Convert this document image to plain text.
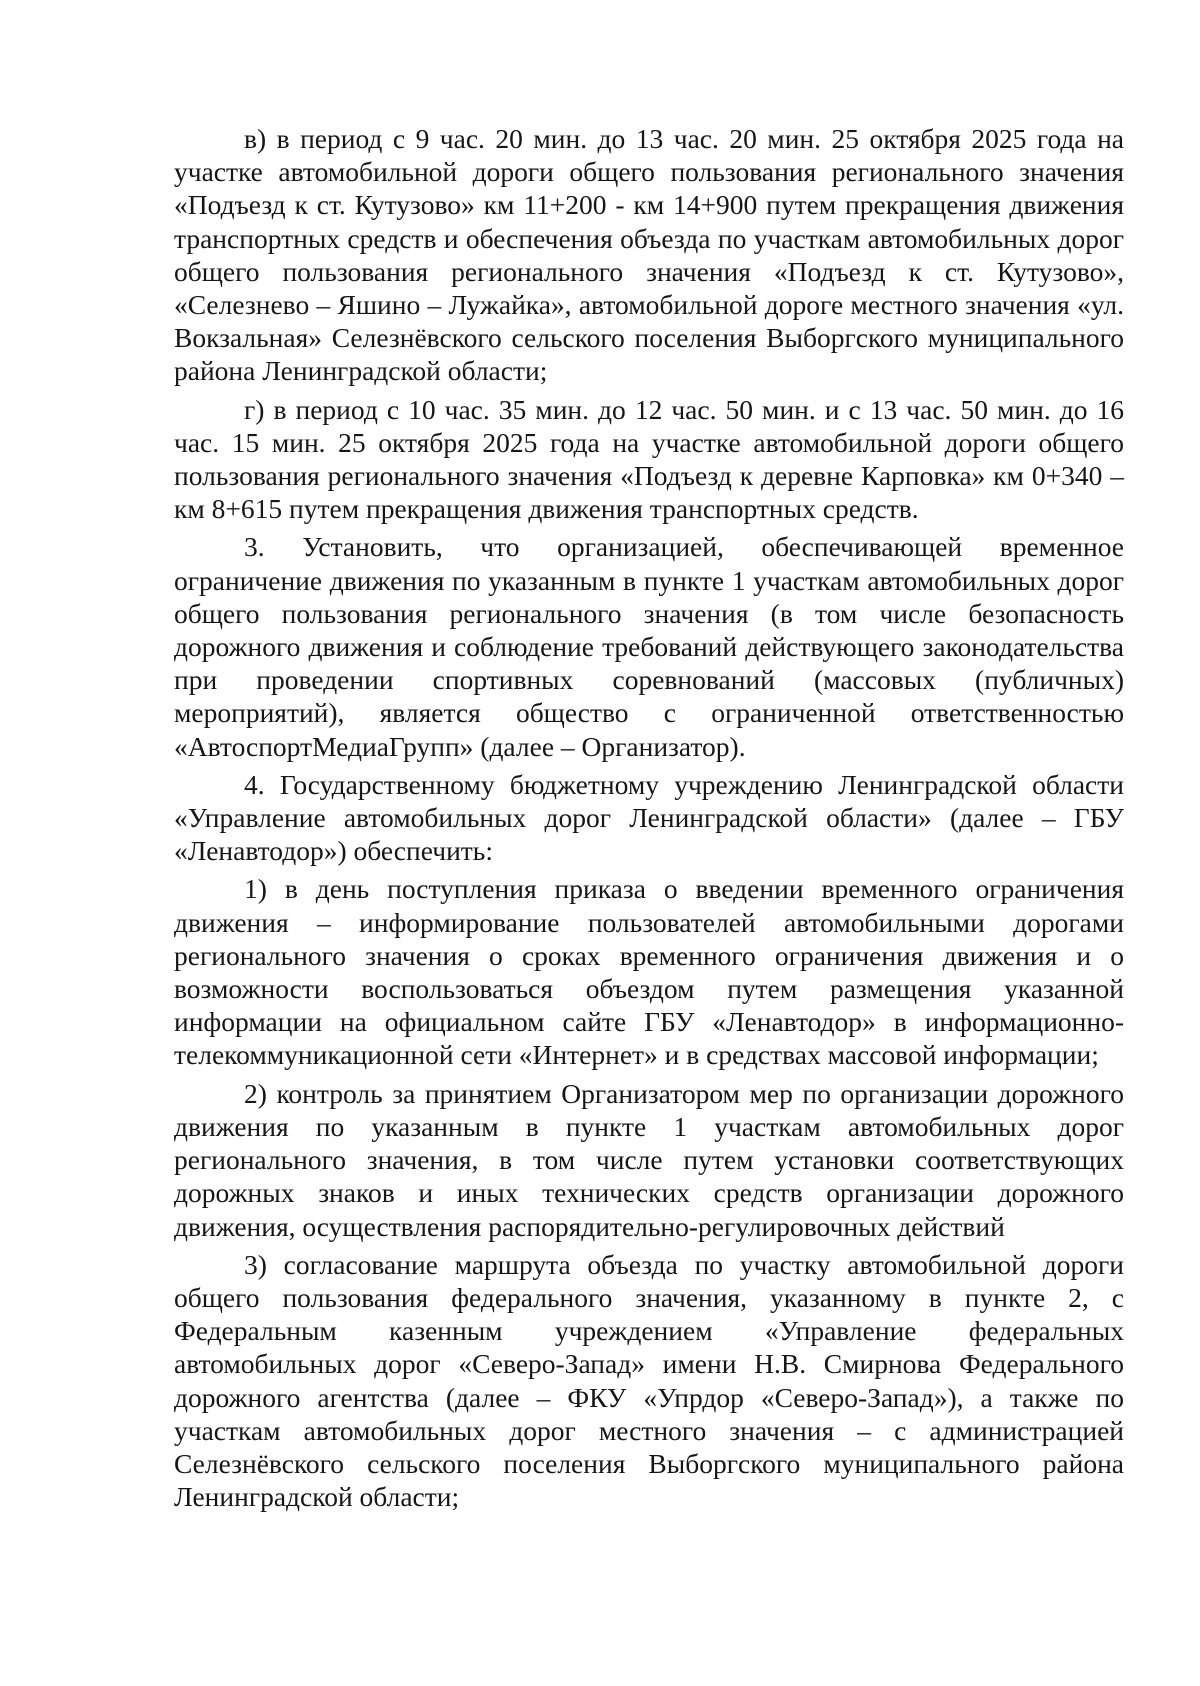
в) в период с 9 час. 20 мин. до 13 час. 20 мин. 25 октября 2025 года на участке автомобильной дороги общего пользования регионального значения «Подъезд к ст. Кутузово» км 11+200 - км 14+900 путем прекращения движения транспортных средств и обеспечения объезда по участкам автомобильных дорог общего пользования регионального значения «Подъезд к ст. Кутузово», «Селезнево – Яшино – Лужайка», автомобильной дороге местного значения «ул. Вокзальная» Селезнёвского сельского поселения Выборгского муниципального района Ленинградской области;

г) в период с 10 час. 35 мин. до 12 час. 50 мин. и с 13 час. 50 мин. до 16 час. 15 мин. 25 октября 2025 года на участке автомобильной дороги общего пользования регионального значения «Подъезд к деревне Карповка» км 0+340 – км 8+615 путем прекращения движения транспортных средств.

3. Установить, что организацией, обеспечивающей временное ограничение движения по указанным в пункте 1 участкам автомобильных дорог общего пользования регионального значения (в том числе безопасность дорожного движения и соблюдение требований действующего законодательства при проведении спортивных соревнований (массовых (публичных) мероприятий), является общество с ограниченной ответственностью «АвтоспортМедиаГрупп» (далее – Организатор).

4. Государственному бюджетному учреждению Ленинградской области «Управление автомобильных дорог Ленинградской области» (далее – ГБУ «Ленавтодор») обеспечить:

1) в день поступления приказа о введении временного ограничения движения – информирование пользователей автомобильными дорогами регионального значения о сроках временного ограничения движения и о возможности воспользоваться объездом путем размещения указанной информации на официальном сайте ГБУ «Ленавтодор» в информационно-телекоммуникационной сети «Интернет» и в средствах массовой информации;

2) контроль за принятием Организатором мер по организации дорожного движения по указанным в пункте 1 участкам автомобильных дорог регионального значения, в том числе путем установки соответствующих дорожных знаков и иных технических средств организации дорожного движения, осуществления распорядительно-регулировочных действий

3) согласование маршрута объезда по участку автомобильной дороги общего пользования федерального значения, указанному в пункте 2, с Федеральным казенным учреждением «Управление федеральных автомобильных дорог «Северо-Запад» имени Н.В. Смирнова Федерального дорожного агентства (далее – ФКУ «Упрдор «Северо-Запад»), а также по участкам автомобильных дорог местного значения – с администрацией Селезнёвского сельского поселения Выборгского муниципального района Ленинградской области;
